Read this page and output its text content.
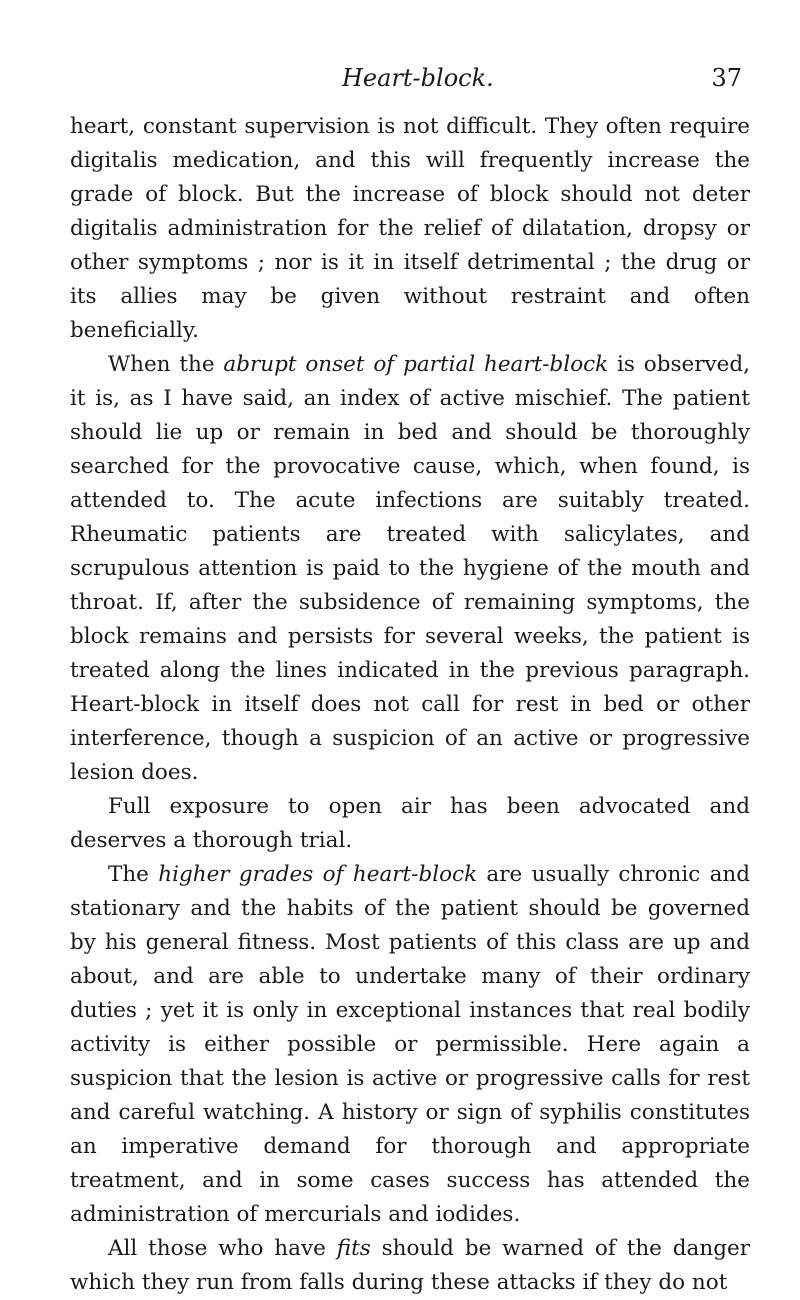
Heart-block.	37

heart, constant supervision is not difficult. They often require digitalis medication, and this will frequently increase the grade of block. But the increase of block should not deter digitalis administration for the relief of dilatation, dropsy or other symptoms ; nor is it in itself detrimental ; the drug or its allies may be given without restraint and often beneficially.

When the abrupt onset of partial heart-block is observed, it is, as I have said, an index of active mischief. The patient should lie up or remain in bed and should be thoroughly searched for the provocative cause, which, when found, is attended to. The acute infections are suitably treated. Rheumatic patients are treated with salicylates, and scrupulous attention is paid to the hygiene of the mouth and throat. If, after the subsidence of remaining symptoms, the block remains and persists for several weeks, the patient is treated along the lines indicated in the previous paragraph. Heart-block in itself does not call for rest in bed or other interference, though a suspicion of an active or progressive lesion does.

Full exposure to open air has been advocated and deserves a thorough trial.

The higher grades of heart-block are usually chronic and stationary and the habits of the patient should be governed by his general fitness. Most patients of this class are up and about, and are able to undertake many of their ordinary duties ; yet it is only in exceptional instances that real bodily activity is either possible or permissible. Here again a suspicion that the lesion is active or progressive calls for rest and careful watching. A history or sign of syphilis constitutes an imperative demand for thorough and appropriate treatment, and in some cases success has attended the administration of mercurials and iodides.

All those who have fits should be warned of the danger which they run from falls during these attacks if they do not
